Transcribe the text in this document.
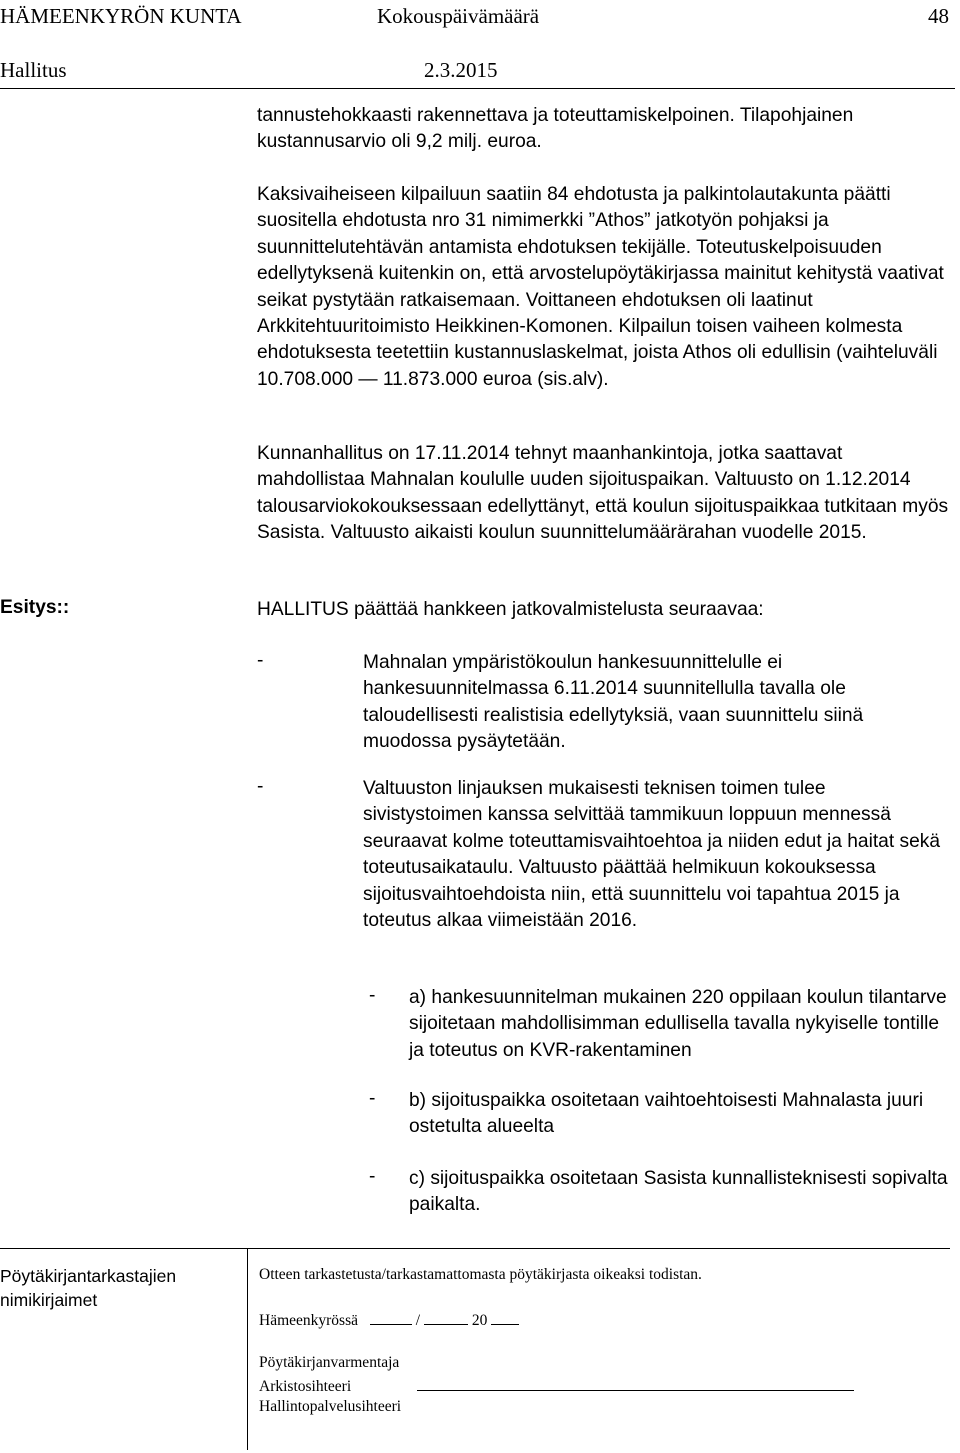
HÄMEENKYRÖN KUNTA	Kokouspäivämäärä	48
Hallitus	2.3.2015

tannustehokkaasti rakennettava ja toteuttamiskelpoinen. Tilapohjainen kustannusarvio oli 9,2 milj. euroa.

Kaksivaiheiseen kilpailuun saatiin 84 ehdotusta ja palkintolautakunta päätti suositella ehdotusta nro 31 nimimerkki ”Athos” jatkotyön pohjaksi ja suunnittelutehtävän antamista ehdotuksen tekijälle. Toteutuskelpoisuuden edellytyksenä kuitenkin on, että arvostelupöytäkirjassa mainitut kehitystä vaativat seikat pystytään ratkaisemaan. Voittaneen ehdotuksen oli laatinut Arkkitehtuuritoimisto Heikkinen-Komonen. Kilpailun toisen vaiheen kolmesta ehdotuksesta teetettiin kustannuslaskelmat, joista Athos oli edullisin (vaihteluväli 10.708.000 — 11.873.000 euroa (sis.alv).

Kunnanhallitus on 17.11.2014 tehnyt maanhankintoja, jotka saattavat mahdollistaa Mahnalan koululle uuden sijoituspaikan. Valtuusto on 1.12.2014 talousarviokokouksessaan edellyttänyt, että koulun sijoituspaikkaa tutkitaan myös Sasista. Valtuusto aikaisti koulun suunnittelumäärärahan vuodelle 2015.

Esitys::	HALLITUS päättää hankkeen jatkovalmistelusta seuraavaa:
-	Mahnalan ympäristökoulun hankesuunnittelulle ei hankesuunnitelmassa 6.11.2014 suunnitellulla tavalla ole taloudellisesti realistisia edellytyksiä, vaan suunnittelu siinä muodossa pysäytetään.
-	Valtuuston linjauksen mukaisesti teknisen toimen tulee sivistystoimen kanssa selvittää tammikuun loppuun mennessä seuraavat kolme toteuttamisvaihtoehtoa ja niiden edut ja haitat sekä toteutusaikataulu. Valtuusto päättää helmikuun kokouksessa sijoitusvaihtoehdoista niin, että suunnittelu voi tapahtua 2015 ja toteutus alkaa viimeistään 2016.
- a) hankesuunnitelman mukainen 220 oppilaan koulun tilantarve sijoitetaan mahdollisimman edullisella tavalla nykyiselle tontille ja toteutus on KVR-rakentaminen
- b) sijoituspaikka osoitetaan vaihtoehtoisesti Mahnalasta juuri ostetulta alueelta
- c) sijoituspaikka osoitetaan Sasista kunnallisteknisesti sopivalta paikalta.
Pöytäkirjantarkastajien nimikirjaimet
Otteen tarkastetusta/tarkastamattomasta pöytäkirjasta oikeaksi todistan.
Hämeenkyrössä	/	20
Pöytäkirjanvarmentaja
Arkistosihteeri
Hallintopalvelusihteeri
